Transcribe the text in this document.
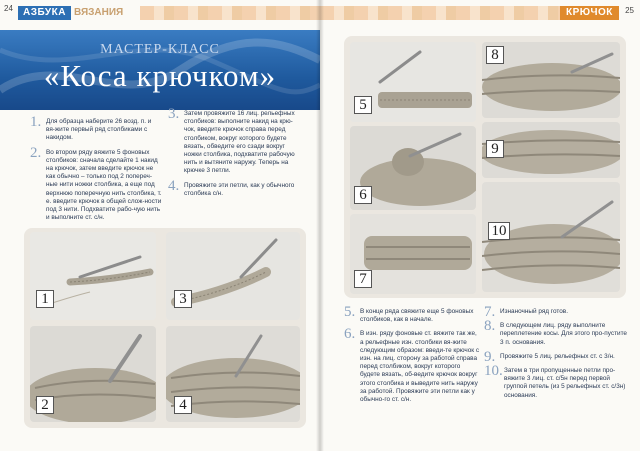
24	АЗБУКА ВЯЗАНИЯ
МАСТЕР-КЛАСС
«Коса крючком»
1. Для образца наберите 26 возд. п. и вя-жите первый ряд столбиками с накидом.
2. Во втором ряду вяжите 5 фоновых столбиков: сначала сделайте 1 накид на крючок, затем введите крючок не как обычно – только под 2 попереч-ные нити ножки столбика, а еще под верхнюю поперечную нить столбика, т. е. введите крючок в общей слож-ности под 3 нити. Подхватите рабо-чую нить и выполните ст. с/н.
3. Затем провяжите 16 лиц. рельефных столбиков: выполните накид на крю-чок, введите крючок справа перед столбиком, вокруг которого будете вязать, обведите его сзади вокруг ножки столбика, подхватите рабочую нить и вытяните наружу. Теперь на крючке 3 петли.
4. Провяжите эти петли, как у обычного столбика с/н.
1	3
2	4
КРЮЧОК	25
5
8
9
6
10
7
5. В конце ряда свяжите еще 5 фоновых столбиков, как в начале.
6. В изн. ряду фоновые ст. вяжите так же, а рельефные изн. столбики вя-жите следующим образом: введи-те крючок с изн. на лиц. сторону за работой справа перед столбиком, вокруг которого будете вязать, об-ведите крючок вокруг этого столбика и выведите нить наружу за работой. Провяжите эти петли как у обычно-го ст. с/н.
7. Изнаночный ряд готов.
8. В следующем лиц. ряду выполните переплетение косы. Для этого про-пустите 3 п. основания.
9. Провяжите 5 лиц. рельефных ст. с 3/н.
10. Затем в три пропущенные петли про-вяжите 3 лиц. ст. с/5н перед первой группой петель (из 5 рельефных ст. с/3н) основания.
